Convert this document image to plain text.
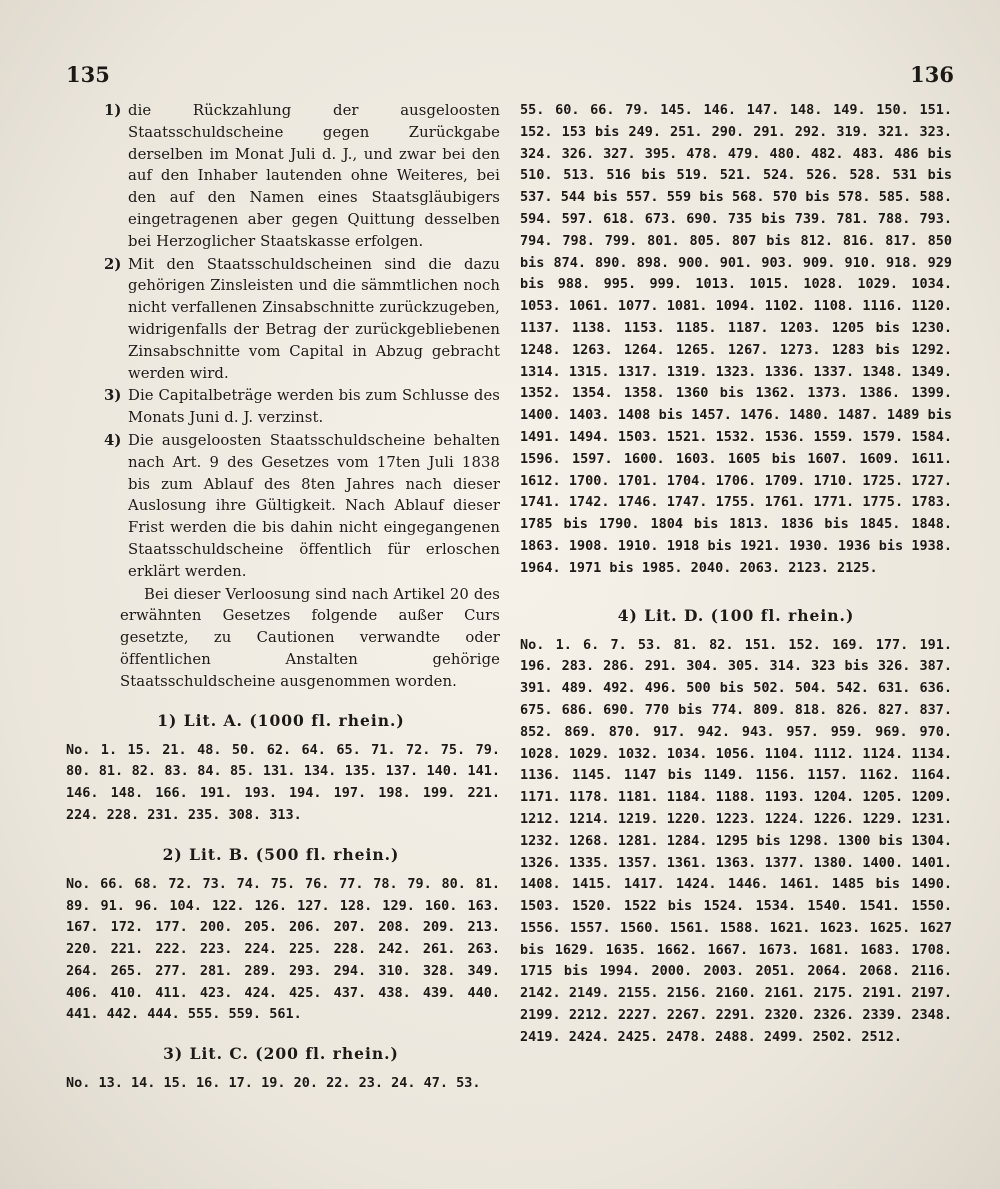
135	136

1) die Rückzahlung der ausgeloosten Staatsschuldscheine gegen Zurückgabe derselben im Monat Juli d. J., und zwar bei den auf den Inhaber lautenden ohne Weiteres, bei den auf den Namen eines Staatsgläubigers eingetragenen aber gegen Quittung desselben bei Herzoglicher Staatskasse erfolgen.

2) Mit den Staatsschuldscheinen sind die dazu gehörigen Zinsleisten und die sämmtlichen noch nicht verfallenen Zinsabschnitte zurückzugeben, widrigenfalls der Betrag der zurückgebliebenen Zinsabschnitte vom Capital in Abzug gebracht werden wird.

3) Die Capitalbeträge werden bis zum Schlusse des Monats Juni d. J. verzinst.

4) Die ausgeloosten Staatsschuldscheine behalten nach Art. 9 des Gesetzes vom 17ten Juli 1838 bis zum Ablauf des 8ten Jahres nach dieser Auslosung ihre Gültigkeit. Nach Ablauf dieser Frist werden die bis dahin nicht eingegangenen Staatsschuldscheine öffentlich für erloschen erklärt werden.

Bei dieser Verloosung sind nach Artikel 20 des erwähnten Gesetzes folgende außer Curs gesetzte, zu Cautionen verwandte oder öffentlichen Anstalten gehörige Staatsschuldscheine ausgenommen worden.

1) Lit. A. (1000 fl. rhein.)

No. 1. 15. 21. 48. 50. 62. 64. 65. 71. 72. 75. 79. 80. 81. 82. 83. 84. 85. 131. 134. 135. 137. 140. 141. 146. 148. 166. 191. 193. 194. 197. 198. 199. 221. 224. 228. 231. 235. 308. 313.

2) Lit. B. (500 fl. rhein.)

No. 66. 68. 72. 73. 74. 75. 76. 77. 78. 79. 80. 81. 89. 91. 96. 104. 122. 126. 127. 128. 129. 160. 163. 167. 172. 177. 200. 205. 206. 207. 208. 209. 213. 220. 221. 222. 223. 224. 225. 228. 242. 261. 263. 264. 265. 277. 281. 289. 293. 294. 310. 328. 349. 406. 410. 411. 423. 424. 425. 437. 438. 439. 440. 441. 442. 444. 555. 559. 561.

3) Lit. C. (200 fl. rhein.)

No. 13. 14. 15. 16. 17. 19. 20. 22. 23. 24. 47. 53.

55. 60. 66. 79. 145. 146. 147. 148. 149. 150. 151. 152. 153 bis 249. 251. 290. 291. 292. 319. 321. 323. 324. 326. 327. 395. 478. 479. 480. 482. 483. 486 bis 510. 513. 516 bis 519. 521. 524. 526. 528. 531 bis 537. 544 bis 557. 559 bis 568. 570 bis 578. 585. 588. 594. 597. 618. 673. 690. 735 bis 739. 781. 788. 793. 794. 798. 799. 801. 805. 807 bis 812. 816. 817. 850 bis 874. 890. 898. 900. 901. 903. 909. 910. 918. 929 bis 988. 995. 999. 1013. 1015. 1028. 1029. 1034. 1053. 1061. 1077. 1081. 1094. 1102. 1108. 1116. 1120. 1137. 1138. 1153. 1185. 1187. 1203. 1205 bis 1230. 1248. 1263. 1264. 1265. 1267. 1273. 1283 bis 1292. 1314. 1315. 1317. 1319. 1323. 1336. 1337. 1348. 1349. 1352. 1354. 1358. 1360 bis 1362. 1373. 1386. 1399. 1400. 1403. 1408 bis 1457. 1476. 1480. 1487. 1489 bis 1491. 1494. 1503. 1521. 1532. 1536. 1559. 1579. 1584. 1596. 1597. 1600. 1603. 1605 bis 1607. 1609. 1611. 1612. 1700. 1701. 1704. 1706. 1709. 1710. 1725. 1727. 1741. 1742. 1746. 1747. 1755. 1761. 1771. 1775. 1783. 1785 bis 1790. 1804 bis 1813. 1836 bis 1845. 1848. 1863. 1908. 1910. 1918 bis 1921. 1930. 1936 bis 1938. 1964. 1971 bis 1985. 2040. 2063. 2123. 2125.

4) Lit. D. (100 fl. rhein.)

No. 1. 6. 7. 53. 81. 82. 151. 152. 169. 177. 191. 196. 283. 286. 291. 304. 305. 314. 323 bis 326. 387. 391. 489. 492. 496. 500 bis 502. 504. 542. 631. 636. 675. 686. 690. 770 bis 774. 809. 818. 826. 827. 837. 852. 869. 870. 917. 942. 943. 957. 959. 969. 970. 1028. 1029. 1032. 1034. 1056. 1104. 1112. 1124. 1134. 1136. 1145. 1147 bis 1149. 1156. 1157. 1162. 1164. 1171. 1178. 1181. 1184. 1188. 1193. 1204. 1205. 1209. 1212. 1214. 1219. 1220. 1223. 1224. 1226. 1229. 1231. 1232. 1268. 1281. 1284. 1295 bis 1298. 1300 bis 1304. 1326. 1335. 1357. 1361. 1363. 1377. 1380. 1400. 1401. 1408. 1415. 1417. 1424. 1446. 1461. 1485 bis 1490. 1503. 1520. 1522 bis 1524. 1534. 1540. 1541. 1550. 1556. 1557. 1560. 1561. 1588. 1621. 1623. 1625. 1627 bis 1629. 1635. 1662. 1667. 1673. 1681. 1683. 1708. 1715 bis 1994. 2000. 2003. 2051. 2064. 2068. 2116. 2142. 2149. 2155. 2156. 2160. 2161. 2175. 2191. 2197. 2199. 2212. 2227. 2267. 2291. 2320. 2326. 2339. 2348. 2419. 2424. 2425. 2478. 2488. 2499. 2502. 2512.
